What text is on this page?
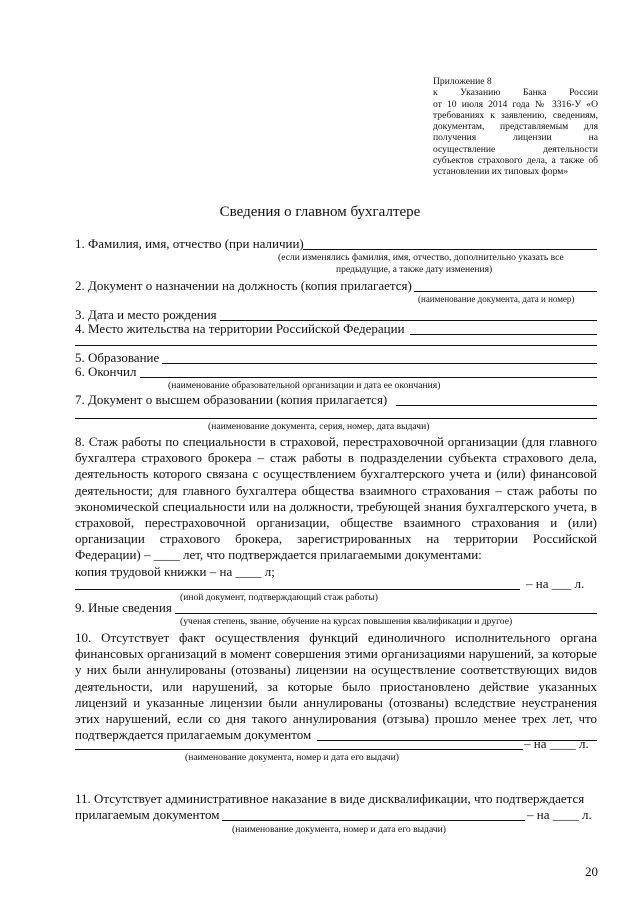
Приложение 8
к Указанию Банка России
от 10 июля 2014 года № 3316-У «О
требованиях к заявлению, сведениям,
документам, представляемым для
получения лицензии на
осуществление деятельности
субъектов страхового дела, а также об
установлении их типовых форм»
Сведения о главном бухгалтере
1. Фамилия, имя, отчество (при наличии)
(если изменялись фамилия, имя, отчество, дополнительно указать все
предыдущие, а также дату изменения)
2. Документ о назначении на должность (копия прилагается)
(наименование документа, дата и номер)
3. Дата и место рождения
4. Место жительства на территории Российской Федерации
5. Образование
6. Окончил
(наименование образовательной организации и дата ее окончания)
7. Документ о высшем образовании (копия прилагается)
(наименование документа, серия, номер, дата выдачи)
8. Стаж работы по специальности в страховой, перестраховочной организации (для главного
бухгалтера страхового брокера – стаж работы в подразделении субъекта страхового дела,
деятельность которого связана с осуществлением бухгалтерского учета и (или) финансовой
деятельности; для главного бухгалтера общества взаимного страхования – стаж работы по
экономической специальности или на должности, требующей знания бухгалтерского учета, в
страховой, перестраховочной организации, обществе взаимного страхования и (или)
организации страхового брокера, зарегистрированных на территории Российской
Федерации) – ____ лет, что подтверждается прилагаемыми документами:
копия трудовой книжки – на ____ л;
– на ___ л.
(иной документ, подтверждающий стаж работы)
9. Иные сведения
(ученая степень, звание, обучение на курсах повышения квалификации и другое)
10. Отсутствует факт осуществления функций единоличного исполнительного органа
финансовых организаций в момент совершения этими организациями нарушений, за которые
у них были аннулированы (отозваны) лицензии на осуществление соответствующих видов
деятельности, или нарушений, за которые было приостановлено действие указанных
лицензий и указанные лицензии были аннулированы (отозваны) вследствие неустранения
этих нарушений, если со дня такого аннулирования (отзыва) прошло менее трех лет, что
подтверждается прилагаемым документом
– на ____ л.
(наименование документа, номер и дата его выдачи)
11. Отсутствует административное наказание в виде дисквалификации, что подтверждается
прилагаемым документом	– на ____ л.
(наименование документа, номер и дата его выдачи)
20
